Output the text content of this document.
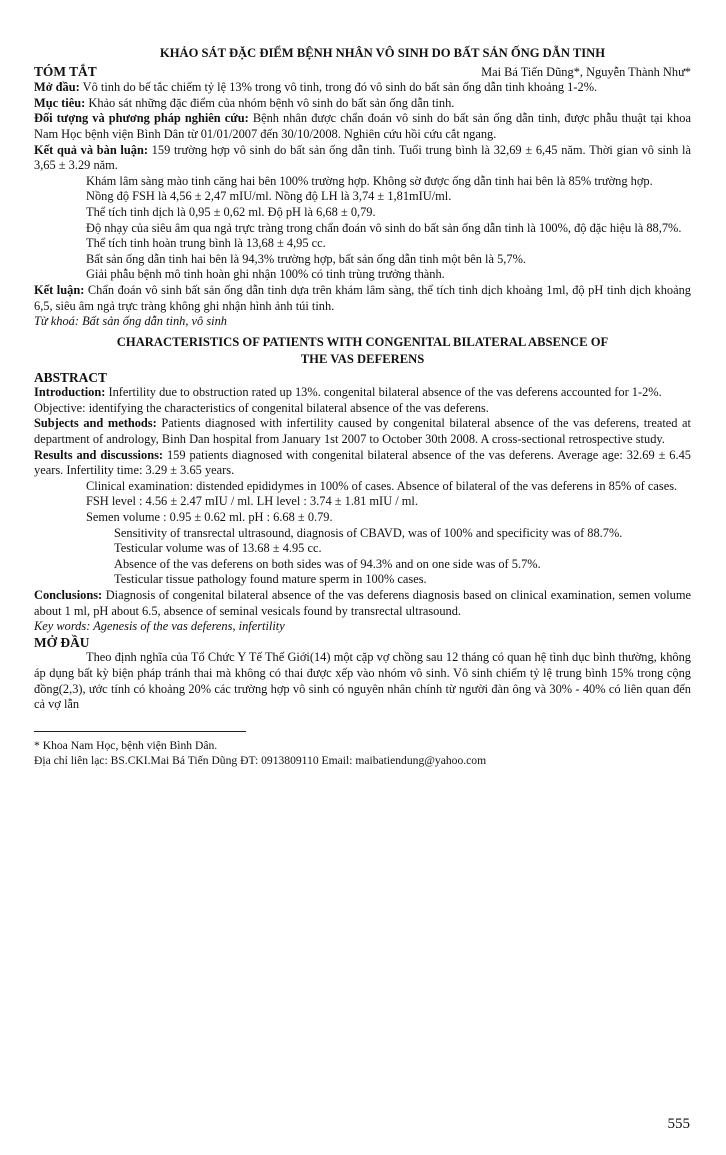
KHẢO SÁT ĐẶC ĐIỂM BỆNH NHÂN VÔ SINH DO BẤT SẢN ỐNG DẪN TINH
TÓM TẮT	Mai Bá Tiến Dũng*, Nguyễn Thành Như*

Mở đầu: Vô tinh do bế tắc chiếm tỷ lệ 13% trong vô tinh, trong đó vô sinh do bất sản ống dẫn tinh khoảng 1-2%.

Mục tiêu: Khảo sát những đặc điểm của nhóm bệnh vô sinh do bất sản ống dẫn tinh.

Đối tượng và phương pháp nghiên cứu: Bệnh nhân được chẩn đoán vô sinh do bất sản ống dẫn tinh, được phẫu thuật tại khoa Nam Học bệnh viện Bình Dân từ 01/01/2007 đến 30/10/2008. Nghiên cứu hồi cứu cắt ngang.

Kết quả và bàn luận: 159 trường hợp vô sinh do bất sản ống dẫn tinh. Tuổi trung bình là 32,69 ± 6,45 năm. Thời gian vô sinh là 3,65 ± 3.29 năm.

Khám lâm sàng mào tinh căng hai bên 100% trường hợp. Không sờ được ống dẫn tinh hai bên là 85% trường hợp.

Nồng độ FSH là 4,56 ± 2,47 mIU/ml. Nồng độ LH là 3,74 ± 1,81mIU/ml.

Thể tích tinh dịch là 0,95 ± 0,62 ml. Độ pH là 6,68 ± 0,79.

Độ nhạy của siêu âm qua ngả trực tràng trong chẩn đoán vô sinh do bất sản ống dẫn tinh là 100%, độ đặc hiệu là 88,7%.

Thể tích tinh hoàn trung bình là 13,68 ± 4,95 cc.

Bất sản ống dẫn tinh hai bên là 94,3% trường hợp, bất sản ống dẫn tinh một bên là 5,7%.

Giải phẫu bệnh mô tinh hoàn ghi nhận 100% có tinh trùng trưởng thành.

Kết luận: Chẩn đoán vô sinh bất sản ống dẫn tinh dựa trên khám lâm sàng, thể tích tinh dịch khoảng 1ml, độ pH tinh dịch khoảng 6,5, siêu âm ngả trực tràng không ghi nhận hình ảnh túi tinh.

Từ khoá: Bất sản ống dẫn tinh, vô sinh

CHARACTERISTICS OF PATIENTS WITH CONGENITAL BILATERAL ABSENCE OF
THE VAS DEFERENS
ABSTRACT

Introduction: Infertility due to obstruction rated up 13%. congenital bilateral absence of the vas deferens accounted for 1-2%.

Objective: identifying the characteristics of congenital bilateral absence of the vas deferens.

Subjects and methods: Patients diagnosed with infertility caused by congenital bilateral absence of the vas deferens, treated at department of andrology, Binh Dan hospital from January 1st 2007 to October 30th 2008. A cross-sectional retrospective study.

Results and discussions: 159 patients diagnosed with congenital bilateral absence of the vas deferens. Average age: 32.69 ± 6.45 years. Infertility time: 3.29 ± 3.65 years.

Clinical examination: distended epididymes in 100% of cases. Absence of bilateral of the vas deferens in 85% of cases.

FSH level : 4.56 ± 2.47 mIU / ml. LH level : 3.74 ± 1.81 mIU / ml.

Semen volume : 0.95 ± 0.62 ml. pH : 6.68 ± 0.79.

Sensitivity of transrectal ultrasound, diagnosis of CBAVD, was of 100% and specificity was of 88.7%.

Testicular volume was of 13.68 ± 4.95 cc.

Absence of the vas deferens on both sides was of 94.3% and on one side was of 5.7%.

Testicular tissue pathology found mature sperm in 100% cases.

Conclusions: Diagnosis of congenital bilateral absence of the vas deferens diagnosis based on clinical examination, semen volume about 1 ml, pH about 6.5, absence of seminal vesicals found by transrectal ultrasound.

Key words: Agenesis of the vas deferens, infertility

MỞ ĐẦU

Theo định nghĩa của Tổ Chức Y Tế Thế Giới(14) một cặp vợ chồng sau 12 tháng có quan hệ tình dục bình thường, không áp dụng bất kỳ biện pháp tránh thai mà không có thai được xếp vào nhóm vô sinh. Vô sinh chiếm tỷ lệ trung bình 15% trong cộng đồng(2,3), ước tính có khoảng 20% các trường hợp vô sinh có nguyên nhân chính từ người đàn ông và 30% - 40% có liên quan đến cả vợ lẫn

* Khoa Nam Học, bệnh viện Bình Dân.

Địa chỉ liên lạc: BS.CKI.Mai Bá Tiến Dũng ĐT: 0913809110 Email: maibatiendung@yahoo.com

555
